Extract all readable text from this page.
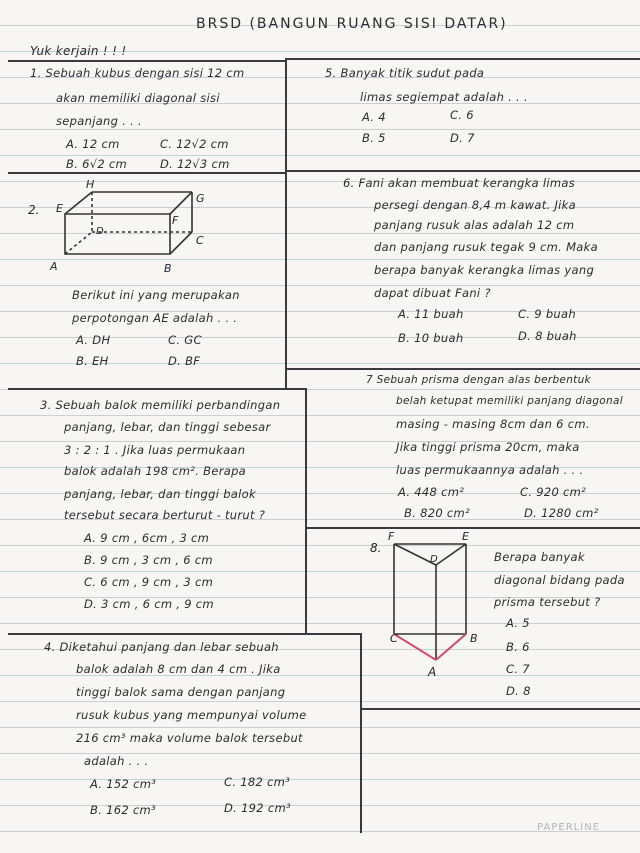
BRSD (BANGUN RUANG SISI DATAR)
Yuk kerjain ! ! !
1. Sebuah kubus dengan sisi 12 cm
akan memiliki diagonal sisi
sepanjang . . .
A. 12 cm	C. 12√2 cm
B. 6√2 cm	D. 12√3 cm
2.
H
G
E
F
D
C
A	B
Berikut ini yang merupakan
perpotongan AE adalah . . .
A. DH	C. GC
B. EH	D. BF
5. Banyak titik sudut pada
limas segiempat adalah . . .
A. 4	C. 6
B. 5	D. 7
6. Fani akan membuat kerangka limas
persegi dengan 8,4 m kawat. Jika
panjang rusuk alas adalah 12 cm
dan panjang rusuk tegak 9 cm. Maka
berapa banyak kerangka limas yang
dapat dibuat Fani ?
A. 11 buah	C. 9 buah
B. 10 buah	D. 8 buah
3. Sebuah balok memiliki perbandingan
panjang, lebar, dan tinggi sebesar
3 : 2 : 1 . Jika luas permukaan
balok adalah 198 cm². Berapa
panjang, lebar, dan tinggi balok
tersebut secara berturut - turut ?
A. 9 cm , 6cm , 3 cm
B. 9 cm , 3 cm , 6 cm
C. 6 cm , 9 cm , 3 cm
D. 3 cm , 6 cm , 9 cm
7 Sebuah prisma dengan alas berbentuk
belah ketupat memiliki panjang diagonal
masing - masing 8cm dan 6 cm.
Jika tinggi prisma 20cm, maka
luas permukaannya adalah . . .
A. 448 cm²	C. 920 cm²
B. 820 cm²	D. 1280 cm²
8.
F	E
D
C	B
A
Berapa banyak
diagonal bidang pada
prisma tersebut ?
A. 5
B. 6
C. 7
D. 8
4. Diketahui panjang dan lebar sebuah
balok adalah 8 cm dan 4 cm . Jika
tinggi balok sama dengan panjang
rusuk kubus yang mempunyai volume
216 cm³ maka volume balok tersebut
adalah . . .
A. 152 cm³	C. 182 cm³
B. 162 cm³	D. 192 cm³
PAPERLINE
